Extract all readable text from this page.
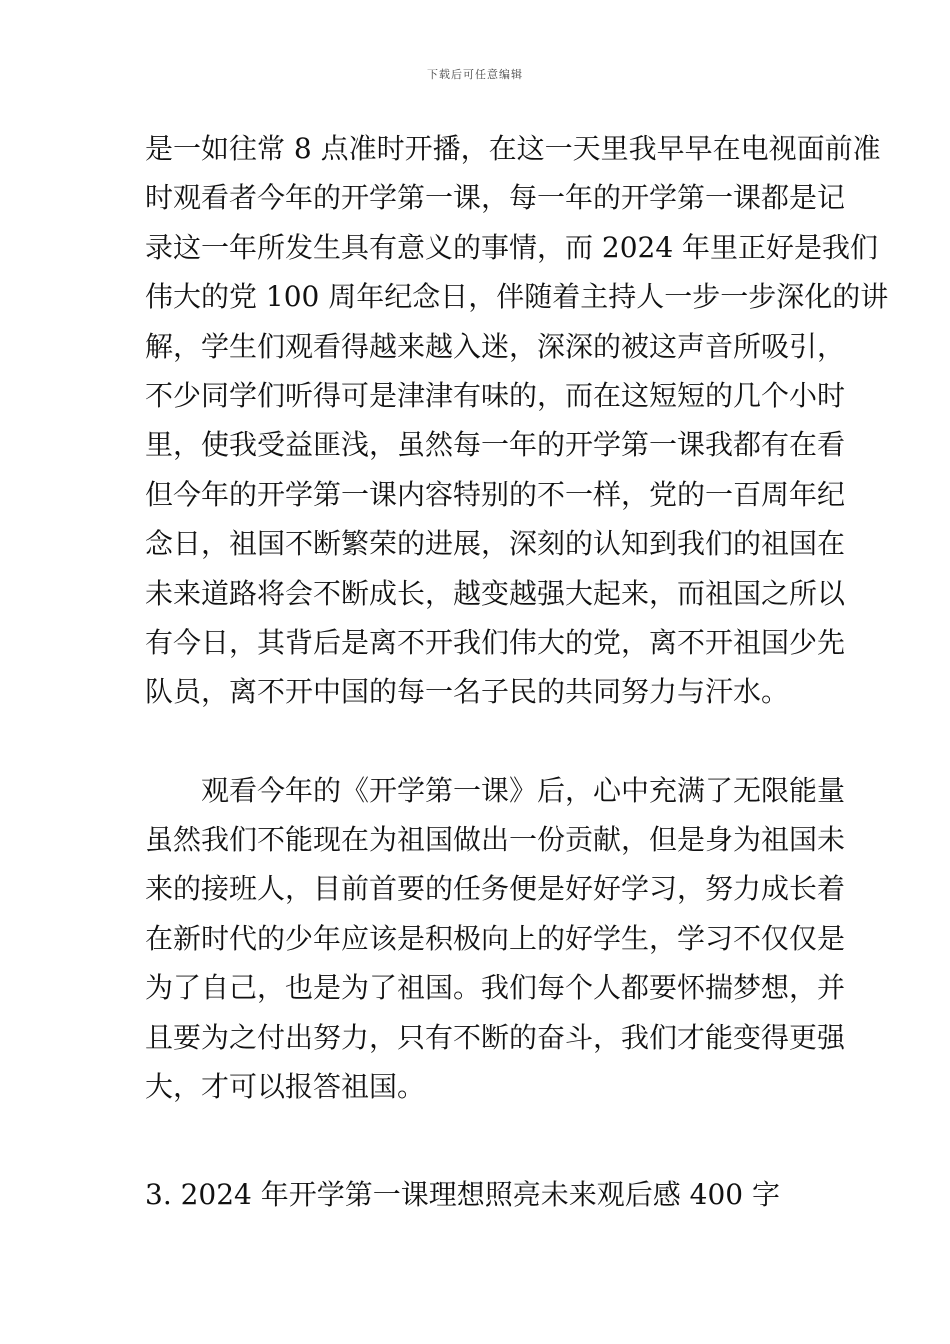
下载后可任意编辑
是一如往常 8 点准时开播，在这一天里我早早在电视面前准
时观看者今年的开学第一课，每一年的开学第一课都是记
录这一年所发生具有意义的事情，而 2024 年里正好是我们
伟大的党 100 周年纪念日，伴随着主持人一步一步深化的讲
解，学生们观看得越来越入迷，深深的被这声音所吸引，
不少同学们听得可是津津有味的，而在这短短的几个小时
里，使我受益匪浅，虽然每一年的开学第一课我都有在看
但今年的开学第一课内容特别的不一样，党的一百周年纪
念日，祖国不断繁荣的进展，深刻的认知到我们的祖国在
未来道路将会不断成长，越变越强大起来，而祖国之所以
有今日，其背后是离不开我们伟大的党，离不开祖国少先
队员，离不开中国的每一名子民的共同努力与汗水。
观看今年的《开学第一课》后，心中充满了无限能量
虽然我们不能现在为祖国做出一份贡献，但是身为祖国未
来的接班人，目前首要的任务便是好好学习，努力成长着
在新时代的少年应该是积极向上的好学生，学习不仅仅是
为了自己，也是为了祖国。我们每个人都要怀揣梦想，并
且要为之付出努力，只有不断的奋斗，我们才能变得更强
大，才可以报答祖国。
3. 2024 年开学第一课理想照亮未来观后感 400 字
